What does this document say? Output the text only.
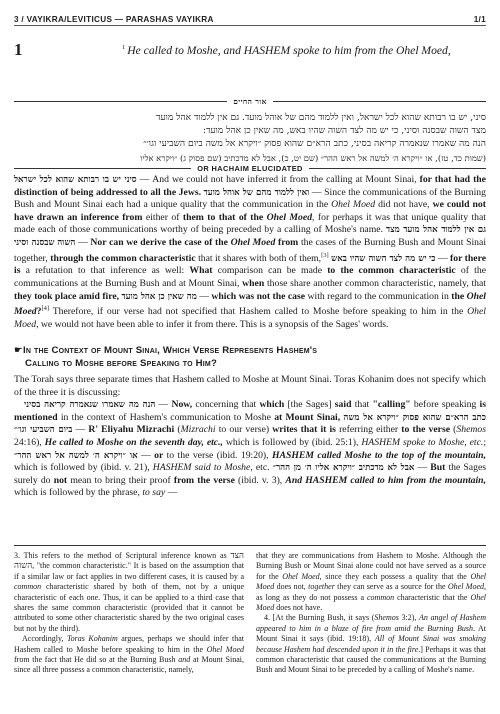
3 / VAYIKRA/LEVITICUS — PARASHAS VAYIKRA	1/1
1	$^1$ He called to Moshe, and HASHEM spoke to him from the Ohel Moed,
אור החיים
סיני, יש בו רבותא שהוא לכל ישראל, ואין ללמוד מהם של אוהל מועד. גם אין ללמוד אהל מועד
מצד השוה שבסנה וסיני, כי יש מה לצד השוה שהיו באש, מה שאין כן אהל מועד:
הנה מה שאמרו שנאמרה קריאה בסיני, כתב הרא״ם שהוא פסוק ״ויקרא אל משה ביום השביעי וגו׳״
(שמות כד, טז), או ״ויקרא ה׳ למשה אל ראש ההר״ (שם יט, כ), אבל לא מדכתיב (שם פסוק ג) ״ויקרא אליו
OR HACHAIM ELUCIDATED

סיני יש בו רבותא שהוא לכל ישראל — And we could not have inferred it from the calling at Mount Sinai, for that had the distinction of being addressed to all the Jews. ואין ללמוד מהם של אוהל מועד — Since the communications of the Burning Bush and Mount Sinai each had a unique quality that the communication in the Ohel Moed did not have, we could not have drawn an inference from either of them to that of the Ohel Moed, for perhaps it was that unique quality that made each of those communications worthy of being preceded by a calling of Moshe's name. גם אין ללמוד אהל מועד מצד השוה שבסנה וסיני — Nor can we derive the case of the Ohel Moed from the cases of the Burning Bush and Mount Sinai together, through the common characteristic that it shares with both of them,[3]	כי יש מה לצד השוה שהיו באש — for there is a refutation to that inference as well: What comparison can be made to the common characteristic of the communications at the Burning Bush and at Mount Sinai, when those share another common characteristic, namely, that they took place amid fire, מה שאין כן אהל מועד — which was not the case with regard to the communication in the Ohel Moed?[4] Therefore, if our verse had not specified that Hashem called to Moshe before speaking to him in the Ohel Moed, we would not have been able to infer it from there. This is a synopsis of the Sages' words.

☛In the Context of Mount Sinai, Which Verse Represents Hashem's
Calling to Moshe before Speaking to Him?

The Torah says three separate times that Hashem called to Moshe at Mount Sinai. Toras Kohanim does not specify which of the three it is discussing:

הנה מה שאמרו שנאמרה קריאה בסיני — Now, concerning that which [the Sages] said that "calling" before speaking is mentioned in the context of Hashem's communication to Moshe at Mount Sinai, כתב הרא״ם שהוא פסוק ״ויקרא אל משה ביום השביעי וגו׳״ — R' Eliyahu Mizrachi (Mizrachi to our verse) writes that it is referring either to the verse (Shemos 24:16), He called to Moshe on the seventh day, etc., which is followed by (ibid. 25:1), HASHEM spoke to Moshe, etc.; או ״ויקרא ה׳ למשה אל ראש ההר״ — or to the verse (ibid. 19:20), HASHEM called Moshe to the top of the mountain, which is followed by (ibid. v. 21), HASHEM said to Moshe, etc. אבל לא מדכתיב ״ויקרא אליו ה׳ מן ההר״ — But the Sages surely do not mean to bring their proof from the verse (ibid. v. 3), And HASHEM called to him from the mountain, which is followed by the phrase, to say —

3. This refers to the method of Scriptural inference known as הצד השוה, "the common characteristic." It is based on the assumption that if a similar law or fact applies in two different cases, it is caused by a common characteristic shared by both of them, not by a unique characteristic of each one. Thus, it can be applied to a third case that shares the same common characteristic (provided that it cannot be attributed to some other characteristic shared by the two original cases but not by the third).

Accordingly, Toras Kohanim argues, perhaps we should infer that Hashem called to Moshe before speaking to him in the Ohel Moed from the fact that He did so at the Burning Bush and at Mount Sinai, since all three possess a common characteristic, namely,

that they are communications from Hashem to Moshe. Although the Burning Bush or Mount Sinai alone could not have served as a source for the Ohel Moed, since they each possess a quality that the Ohel Moed does not, together they can serve as a source for the Ohel Moed, as long as they do not possess a common characteristic that the Ohel Moed does not have.

4. [At the Burning Bush, it says (Shemos 3:2), An angel of Hashem appeared to him in a blaze of fire from amid the Burning Bush. At Mount Sinai it says (ibid. 19:18), All of Mount Sinai was smoking because Hashem had descended upon it in the fire.] Perhaps it was that common characteristic that caused the communications at the Burning Bush and Mount Sinai to be preceded by a calling of Moshe's name.
